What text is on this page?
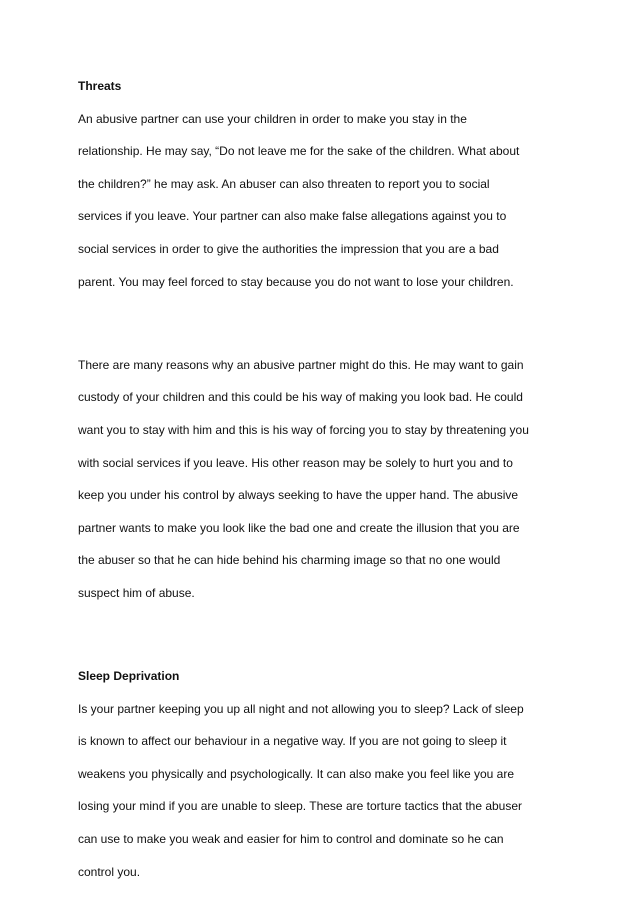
Threats
An abusive partner can use your children in order to make you stay in the
relationship. He may say, “Do not leave me for the sake of the children. What about
the children?” he may ask. An abuser can also threaten to report you to social
services if you leave. Your partner can also make false allegations against you to
social services in order to give the authorities the impression that you are a bad
parent. You may feel forced to stay because you do not want to lose your children.
There are many reasons why an abusive partner might do this. He may want to gain
custody of your children and this could be his way of making you look bad. He could
want you to stay with him and this is his way of forcing you to stay by threatening you
with social services if you leave. His other reason may be solely to hurt you and to
keep you under his control by always seeking to have the upper hand. The abusive
partner wants to make you look like the bad one and create the illusion that you are
the abuser so that he can hide behind his charming image so that no one would
suspect him of abuse.
Sleep Deprivation
Is your partner keeping you up all night and not allowing you to sleep? Lack of sleep
is known to affect our behaviour in a negative way. If you are not going to sleep it
weakens you physically and psychologically. It can also make you feel like you are
losing your mind if you are unable to sleep. These are torture tactics that the abuser
can use to make you weak and easier for him to control and dominate so he can
control you.
